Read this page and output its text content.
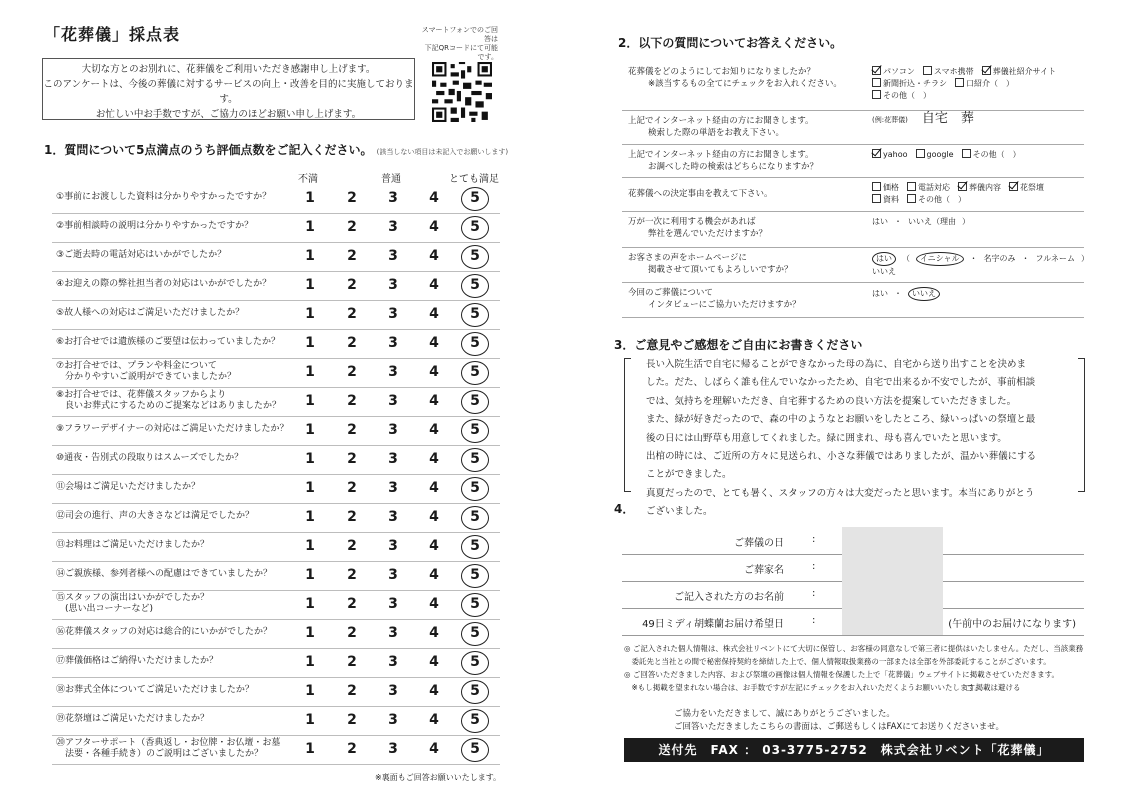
「花葬儀」採点表	スマートフォンでのご回答は
下記QRコードにて可能です。
大切な方とのお別れに、花葬儀をご利用いただき感謝申し上げます。
このアンケートは、今後の葬儀に対するサービスの向上・改善を目的に実施しております。
お忙しい中お手数ですが、ご協力のほどお願い申し上げます。
1．質問について5点満点のうち評価点数をご記入ください。 (該当しない項目は未記入でお願いします)
不満	普通	とても満足
①事前にお渡しした資料は分かりやすかったですか？	1	2	3	4	5
②事前相談時の説明は分かりやすかったですか？	1	2	3	4	5
③ご逝去時の電話対応はいかがでしたか？	1	2	3	4	5
④お迎えの際の弊社担当者の対応はいかがでしたか？	1	2	3	4	5
⑤故人様への対応はご満足いただけましたか？	1	2	3	4	5
⑥お打合せでは遺族様のご要望は伝わっていましたか？	1	2	3	4	5
⑦お打合せでは、プランや料金について
　分かりやすいご説明ができていましたか？	1	2	3	4	5
⑧お打合せでは、花葬儀スタッフからより
　良いお葬式にするためのご提案などはありましたか？	1	2	3	4	5
⑨フラワーデザイナーの対応はご満足いただけましたか？	1	2	3	4	5
⑩通夜・告別式の段取りはスムーズでしたか？	1	2	3	4	5
⑪会場はご満足いただけましたか？	1	2	3	4	5
⑫司会の進行、声の大きさなどは満足でしたか？	1	2	3	4	5
⑬お料理はご満足いただけましたか？	1	2	3	4	5
⑭ご親族様、参列者様への配慮はできていましたか？	1	2	3	4	5
⑮スタッフの演出はいかがでしたか？
　(思い出コーナーなど)	1	2	3	4	5
⑯花葬儀スタッフの対応は総合的にいかがでしたか？	1	2	3	4	5
⑰葬儀価格はご納得いただけましたか？	1	2	3	4	5
⑱お葬式全体についてご満足いただけましたか？	1	2	3	4	5
⑲花祭壇はご満足いただけましたか？	1	2	3	4	5
⑳アフターサポート（香典返し・お位牌・お仏壇・お墓
　法要・各種手続き）のご説明はございましたか？	1	2	3	4	5
※裏面もご回答お願いいたします。
2．以下の質問についてお答えください。
花葬儀をどのようにしてお知りになりましたか？
※該当するもの全てにチェックをお入れください。
パソコン スマホ携帯 葬儀社紹介サイト
新聞折込・チラシ 口紹介（ ）
その他（ ）
上記でインターネット経由の方にお聞きします。
検索した際の単語をお教え下さい。
(例:花葬儀) 自宅　葬
上記でインターネット経由の方にお聞きします。
お調べした時の検索はどちらになりますか？
yahoo google その他（ ）
花葬儀への決定事由を教えて下さい。
価格 電話対応 葬儀内容 花祭壇
資料 その他（ ）
万が一次に利用する機会があれば
弊社を選んでいただけますか？
はい ・ いいえ（理由 ）
お客さまの声をホームページに
掲載させて頂いてもよろしいですか？
はい （ イニシャル ・ 名字のみ ・ フルネーム ）
いいえ
今回のご葬儀について
インタビューにご協力いただけますか？
はい ・ いいえ
3．ご意見やご感想をご自由にお書きください
長い入院生活で自宅に帰ることができなかった母の為に、自宅から送り出すことを決めま
した。だた、しばらく誰も住んでいなかったため、自宅で出来るか不安でしたが、事前相談
では、気持ちを理解いただき、自宅葬するための良い方法を提案していただきました。
また、緑が好きだったので、森の中のようなとお願いをしたところ、緑いっぱいの祭壇と最
後の日には山野草も用意してくれました。緑に囲まれ、母も喜んでいたと思います。
出棺の時には、ご近所の方々に見送られ、小さな葬儀ではありましたが、温かい葬儀にする
ことができました。
真夏だったので、とても暑く、スタッフの方々は大変だったと思います。本当にありがとう
ございました。
4．
ご葬儀の日	:
ご葬家名	:
ご記入された方のお名前	:
49日ミディ胡蝶蘭お届け希望日	:	(午前中のお届けになります)
◎ ご記入された個人情報は、株式会社リベントにて大切に保管し、お客様の同意なしで第三者に提供はいたしません。ただし、当該業務
　委託先と当社との間で秘密保持契約を締結した上で、個人情報取扱業務の一部または全部を外部委託することがございます。
◎ ご回答いただきました内容、および祭壇の画像は個人情報を保護した上で「花葬儀」ウェブサイトに掲載させていただきます。
　※もし掲載を望まれない場合は、お手数ですが左記にチェックをお入れいただくようお願いいたします。
□ 掲載は避ける
ご協力をいただきまして、誠にありがとうございました。
ご回答いただきましたこちらの書面は、ご郵送もしくはFAXにてお送りくださいませ。
送付先　FAX ： 03-3775-2752　株式会社リベント「花葬儀」
